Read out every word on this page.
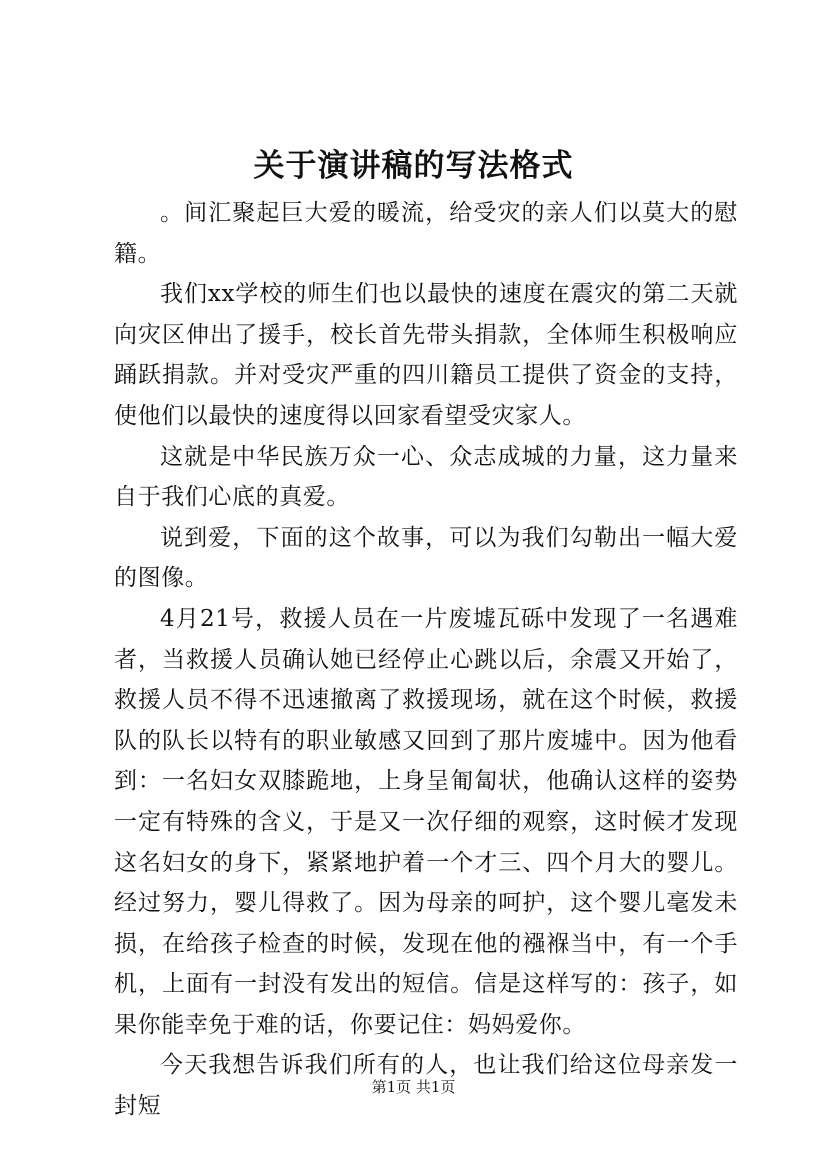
关于演讲稿的写法格式

。间汇聚起巨大爱的暖流，给受灾的亲人们以莫大的慰籍。

我们xx学校的师生们也以最快的速度在震灾的第二天就向灾区伸出了援手，校长首先带头捐款，全体师生积极响应踊跃捐款。并对受灾严重的四川籍员工提供了资金的支持，使他们以最快的速度得以回家看望受灾家人。

这就是中华民族万众一心、众志成城的力量，这力量来自于我们心底的真爱。

说到爱，下面的这个故事，可以为我们勾勒出一幅大爱的图像。

4月21号，救援人员在一片废墟瓦砾中发现了一名遇难者，当救援人员确认她已经停止心跳以后，余震又开始了，救援人员不得不迅速撤离了救援现场，就在这个时候，救援队的队长以特有的职业敏感又回到了那片废墟中。因为他看到：一名妇女双膝跪地，上身呈匍匐状，他确认这样的姿势一定有特殊的含义，于是又一次仔细的观察，这时候才发现这名妇女的身下，紧紧地护着一个才三、四个月大的婴儿。经过努力，婴儿得救了。因为母亲的呵护，这个婴儿毫发未损，在给孩子检查的时候，发现在他的襁褓当中，有一个手机，上面有一封没有发出的短信。信是这样写的：孩子，如果你能幸免于难的话，你要记住：妈妈爱你。

今天我想告诉我们所有的人，也让我们给这位母亲发一封短

第1页 共1页
